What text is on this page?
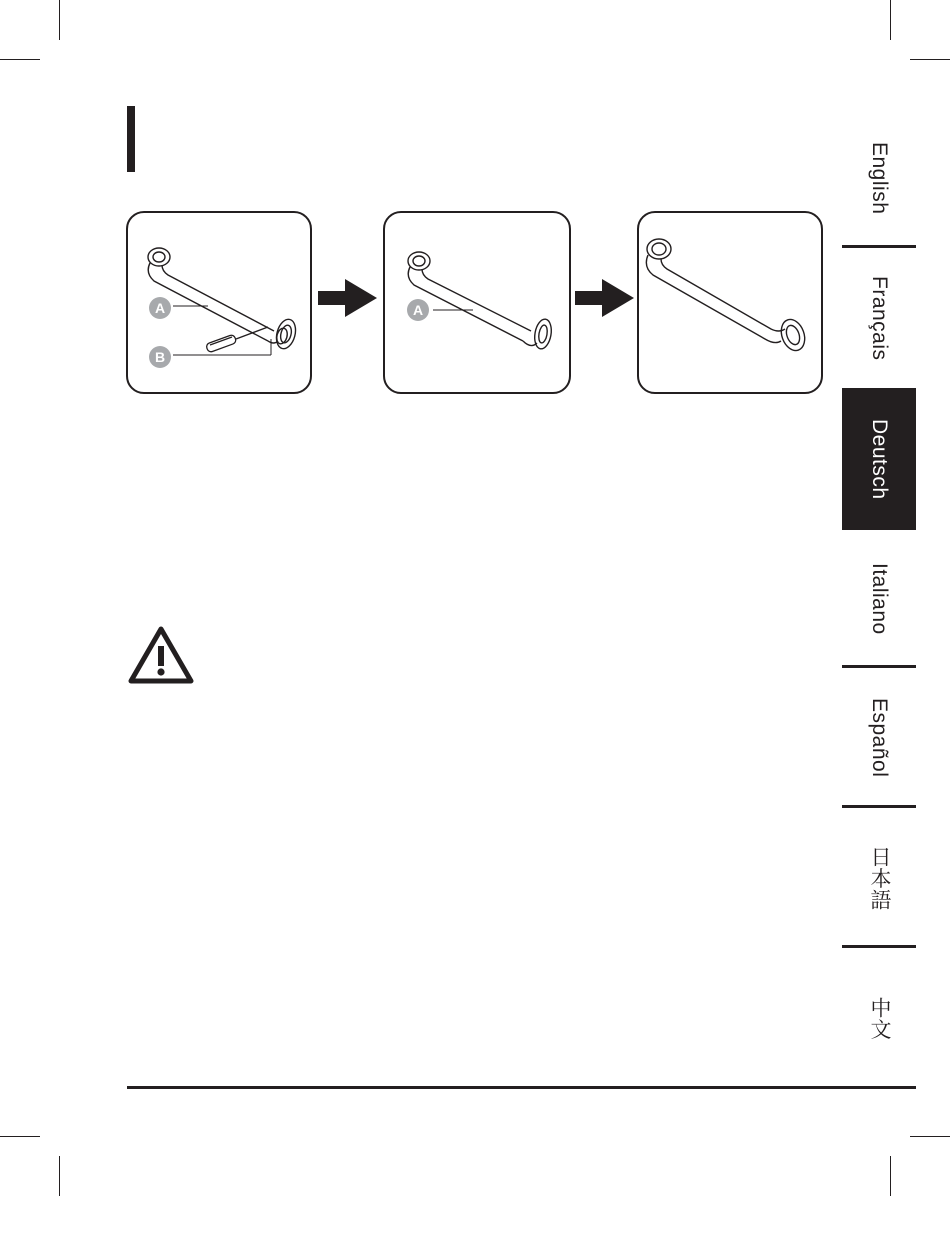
A
B
A
English
Français
Deutsch
Italiano
Español
日本語
中文
